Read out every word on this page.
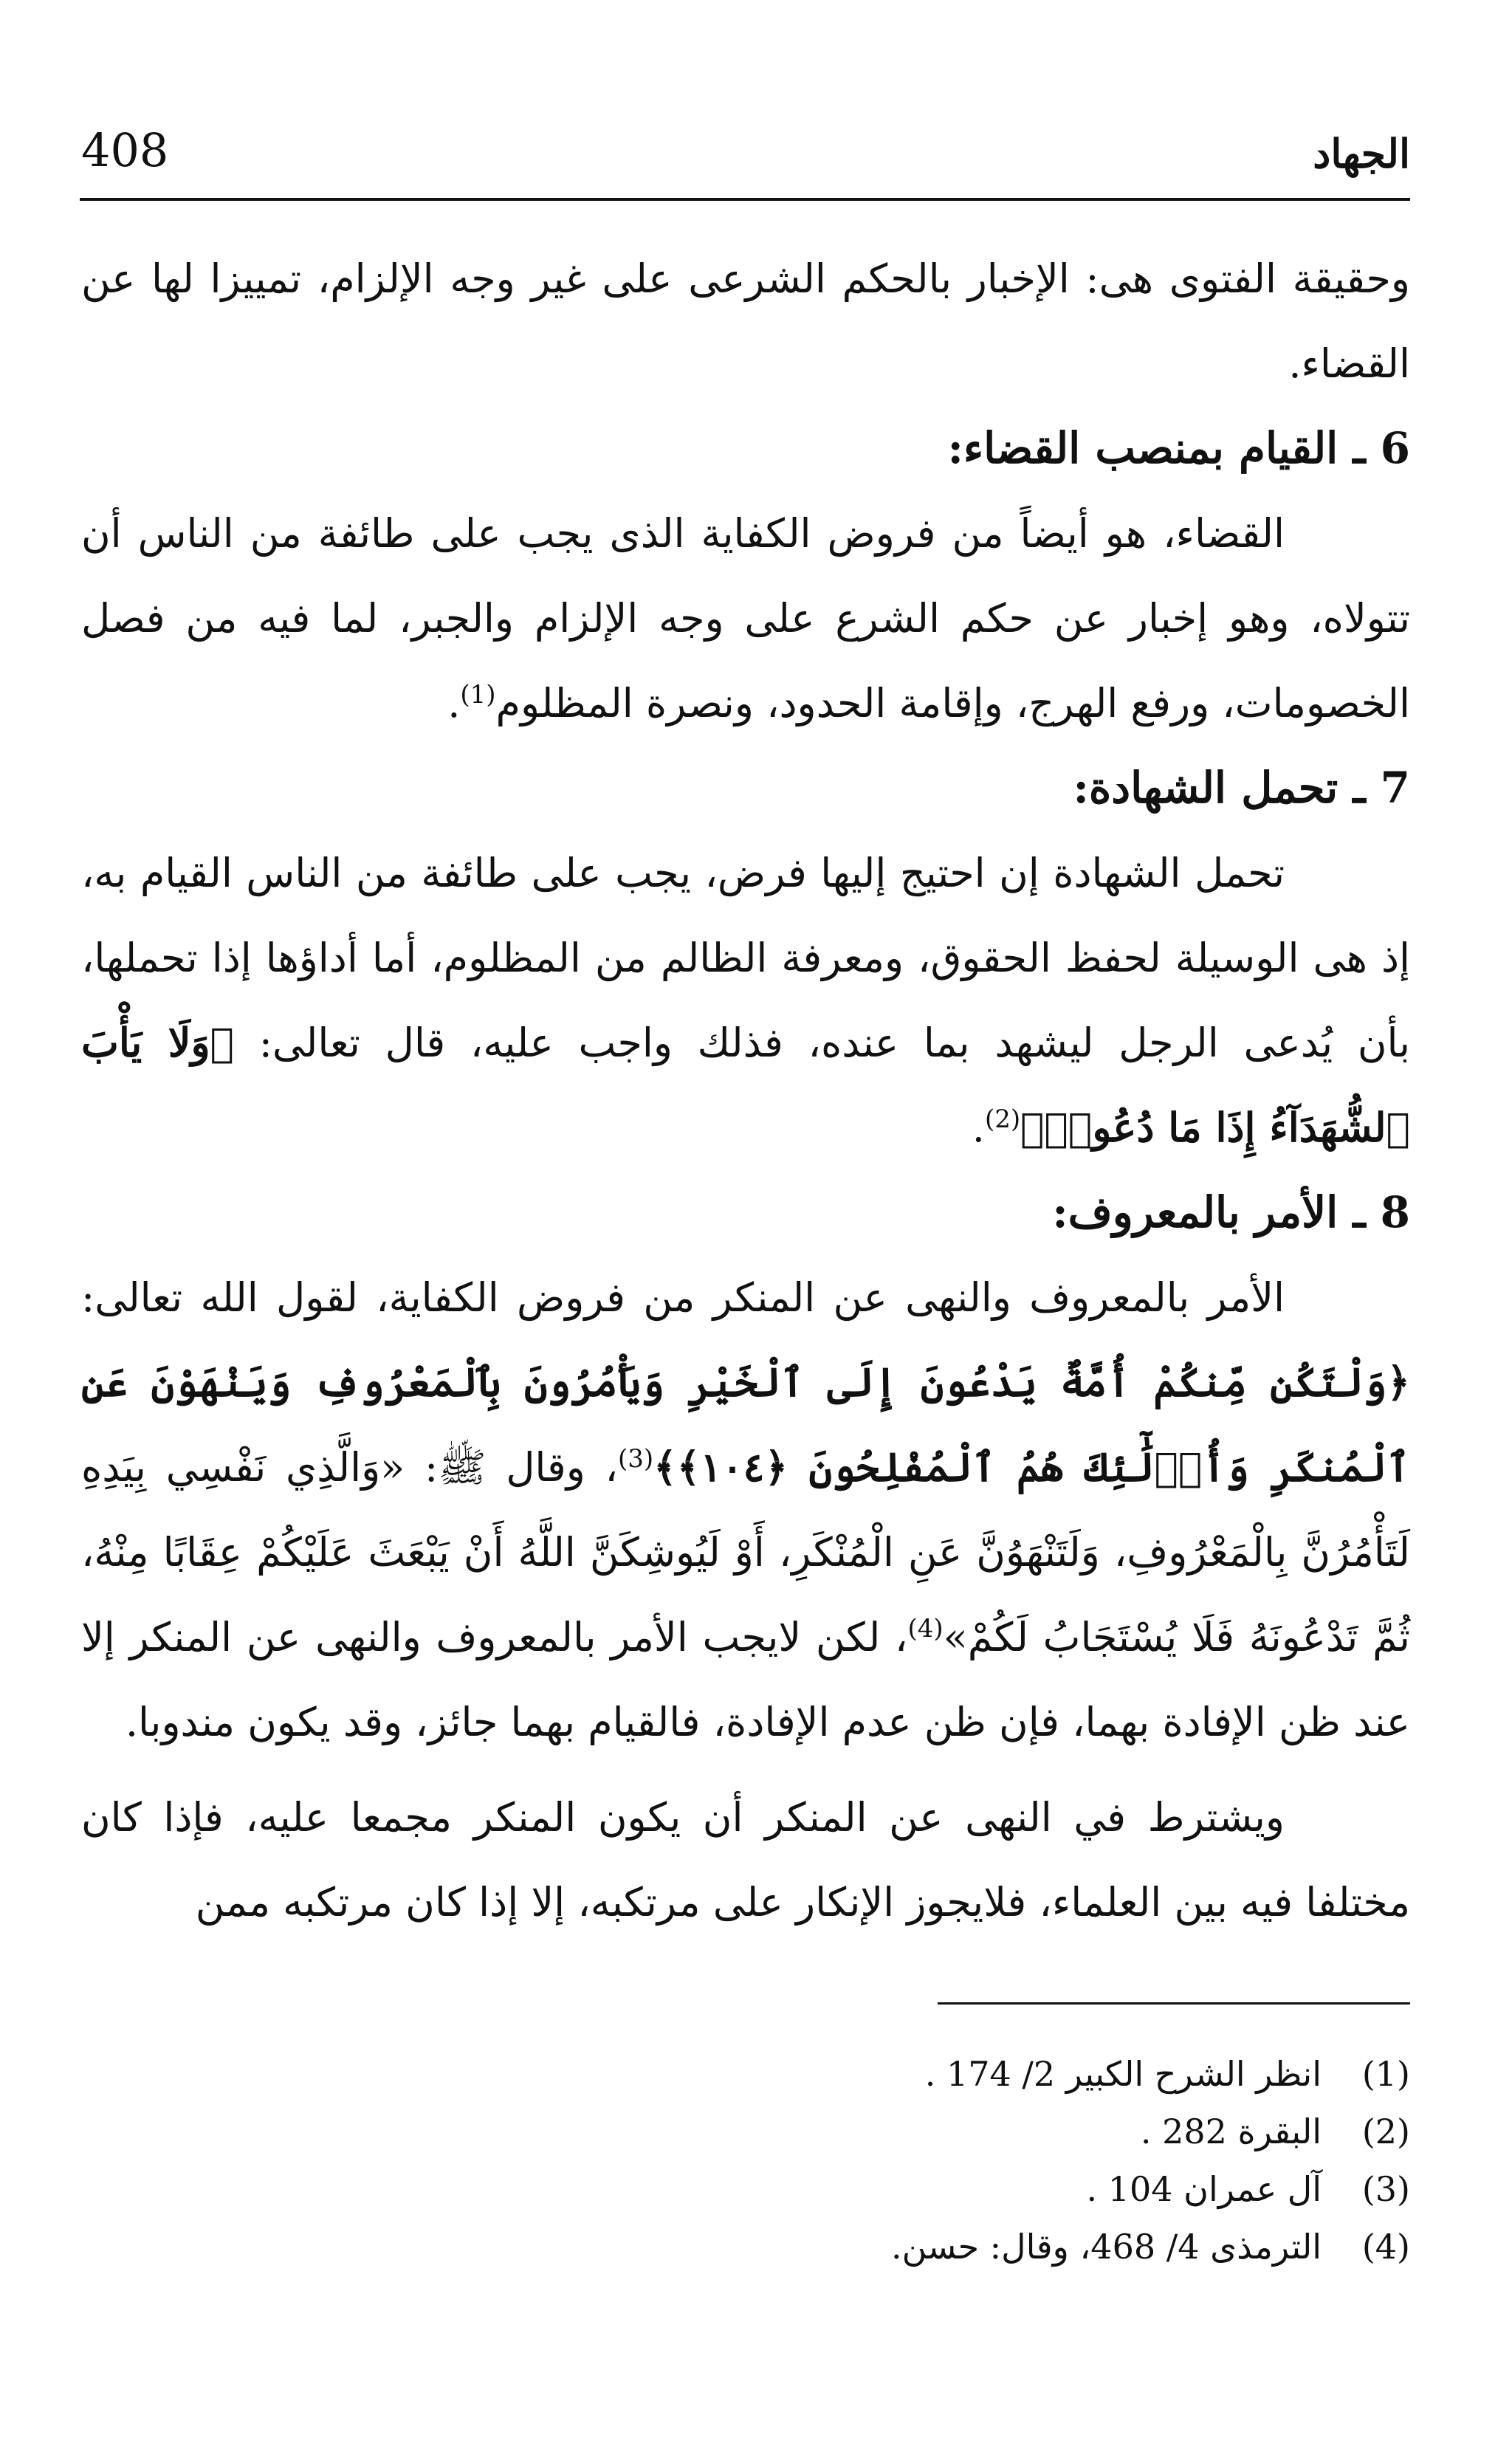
408	الجهاد

وحقيقة الفتوى هى: الإخبار بالحكم الشرعى على غير وجه الإلزام، تمييزا لها عن القضاء.

6 ـ القيام بمنصب القضاء:

القضاء، هو أيضاً من فروض الكفاية الذى يجب على طائفة من الناس أن تتولاه، وهو إخبار عن حكم الشرع على وجه الإلزام والجبر، لما فيه من فصل الخصومات، ورفع الهرج، وإقامة الحدود، ونصرة المظلوم$^{(1)}$.

7 ـ تحمل الشهادة:

تحمل الشهادة إن احتيج إليها فرض، يجب على طائفة من الناس القيام به، إذ هى الوسيلة لحفظ الحقوق، ومعرفة الظالم من المظلوم، أما أداؤها إذا تحملها، بأن يُدعى الرجل ليشهد بما عنده، فذلك واجب عليه، قال تعالى: ﴿وَلَا يَأْبَ ٱلشُّهَدَآءُ إِذَا مَا دُعُوا۟﴾$^{(2)}$.

8 ـ الأمر بالمعروف:

الأمر بالمعروف والنهى عن المنكر من فروض الكفاية، لقول الله تعالى: ﴿وَلْتَكُن مِّنكُمْ أُمَّةٌ يَدْعُونَ إِلَى ٱلْخَيْرِ وَيَأْمُرُونَ بِٱلْمَعْرُوفِ وَيَنْهَوْنَ عَنِ ٱلْمُنكَرِ وَأُو۟لَٰٓئِكَ هُمُ ٱلْمُفْلِحُونَ ﴿١٠٤﴾﴾$^{(3)}$، وقال ﷺ: «وَالَّذِي نَفْسِي بِيَدِهِ لَتَأْمُرُنَّ بِالْمَعْرُوفِ، وَلَتَنْهَوُنَّ عَنِ الْمُنْكَرِ، أَوْ لَيُوشِكَنَّ اللَّهُ أَنْ يَبْعَثَ عَلَيْكُمْ عِقَابًا مِنْهُ، ثُمَّ تَدْعُونَهُ فَلَا يُسْتَجَابُ لَكُمْ»$^{(4)}$، لكن لايجب الأمر بالمعروف والنهى عن المنكر إلا عند ظن الإفادة بهما، فإن ظن عدم الإفادة، فالقيام بهما جائز، وقد يكون مندوبا.

ويشترط في النهى عن المنكر أن يكون المنكر مجمعا عليه، فإذا كان مختلفا فيه بين العلماء، فلايجوز الإنكار على مرتكبه، إلا إذا كان مرتكبه ممن

(1)
انظر الشرح الكبير 2/ 174 .
(2)
البقرة 282 .
(3)
آل عمران 104 .
(4)
الترمذى 4/ 468، وقال: حسن.
